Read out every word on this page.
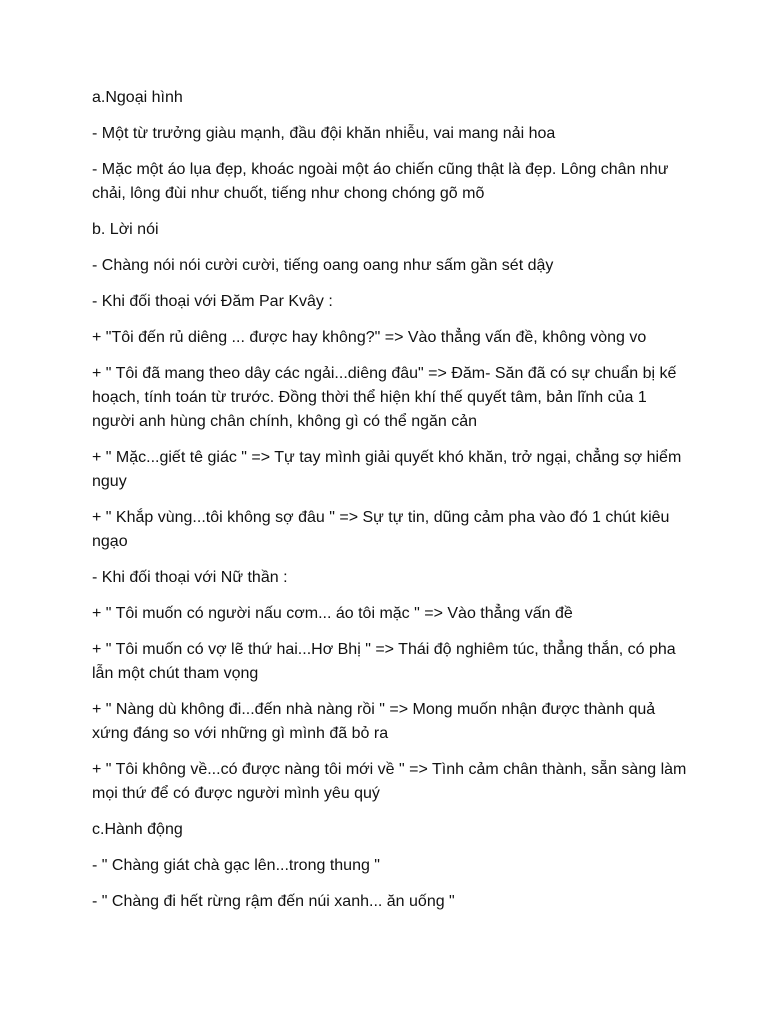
a.Ngoại hình

- Một từ trưởng giàu mạnh, đầu đội khăn nhiễu, vai mang nải hoa

- Mặc một áo lụa đẹp, khoác ngoài một áo chiến cũng thật là đẹp. Lông chân như chải, lông đùi như chuốt, tiếng như chong chóng gõ mõ

b. Lời nói

- Chàng nói nói cười cười, tiếng oang oang như sấm gần sét dậy

- Khi đối thoại với Đăm Par Kvây :

+ "Tôi đến rủ diêng ... được hay không?" => Vào thẳng vấn đề, không vòng vo

+ " Tôi đã mang theo dây các ngải...diêng đâu" => Đăm- Săn đã có sự chuẩn bị kế hoạch, tính toán từ trước. Đồng thời thể hiện khí thế quyết tâm, bản lĩnh của 1 người anh hùng chân chính, không gì có thể ngăn cản

+ " Mặc...giết tê giác " => Tự tay mình giải quyết khó khăn, trở ngại, chẳng sợ hiểm nguy

+ " Khắp vùng...tôi không sợ đâu " => Sự tự tin, dũng cảm pha vào đó 1 chút kiêu ngạo

- Khi đối thoại với Nữ thần :

+ " Tôi muốn có người nấu cơm... áo tôi mặc " => Vào thẳng vấn đề

+ " Tôi muốn có vợ lẽ thứ hai...Hơ Bhị " => Thái độ nghiêm túc, thẳng thắn, có pha lẫn một chút tham vọng

+ " Nàng dù không đi...đến nhà nàng rồi " => Mong muốn nhận được thành quả xứng đáng so với những gì mình đã bỏ ra

+ " Tôi không về...có được nàng tôi mới về " => Tình cảm chân thành, sẵn sàng làm mọi thứ để có được người mình yêu quý

c.Hành động

- " Chàng giát chà gạc lên...trong thung "

- " Chàng đi hết rừng rậm đến núi xanh... ăn uống "
